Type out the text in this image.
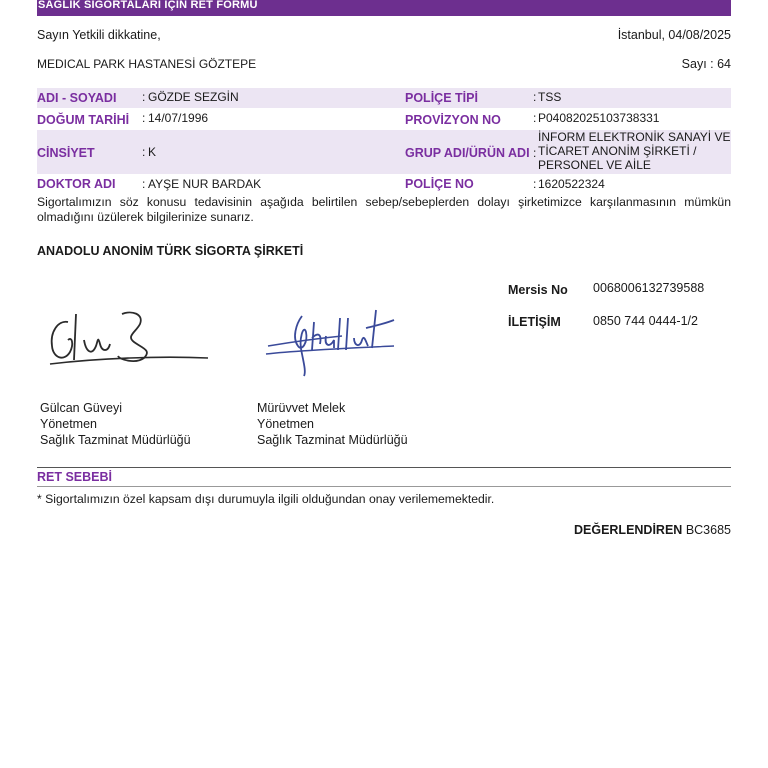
SAĞLIK SİGORTALARI İÇİN RET FORMU
Sayın Yetkili dikkatine,	İstanbul, 04/08/2025
MEDICAL PARK HASTANESİ GÖZTEPE	Sayı : 64
ADI - SOYADI : GÖZDE SEZGİN	POLİÇE TİPİ	: TSS
DOĞUM TARİHİ : 14/07/1996	PROVİZYON NO	: P04082025103738331
CİNSİYET	: K	GRUP ADI/ÜRÜN ADI :
İNFORM ELEKTRONİK SANAYİ VE
TİCARET ANONİM ŞİRKETİ /
PERSONEL VE AİLE
DOKTOR ADI : AYŞE NUR BARDAK	POLİÇE NO	: 1620522324
Sigortalımızın söz konusu tedavisinin aşağıda belirtilen sebep/sebeplerden dolayı şirketimizce karşılanmasının mümkün olmadığını üzülerek bilgilerinize sunarız.
ANADOLU ANONİM TÜRK SİGORTA ŞİRKETİ
Mersis No 0068006132739588
İLETİŞİM	0850 744 0444-1/2
Gülcan Güveyi
Yönetmen
Sağlık Tazminat Müdürlüğü
Mürüvvet Melek
Yönetmen
Sağlık Tazminat Müdürlüğü
RET SEBEBİ
* Sigortalımızın özel kapsam dışı durumuyla ilgili olduğundan onay verilememektedir.
DEĞERLENDİREN BC3685
